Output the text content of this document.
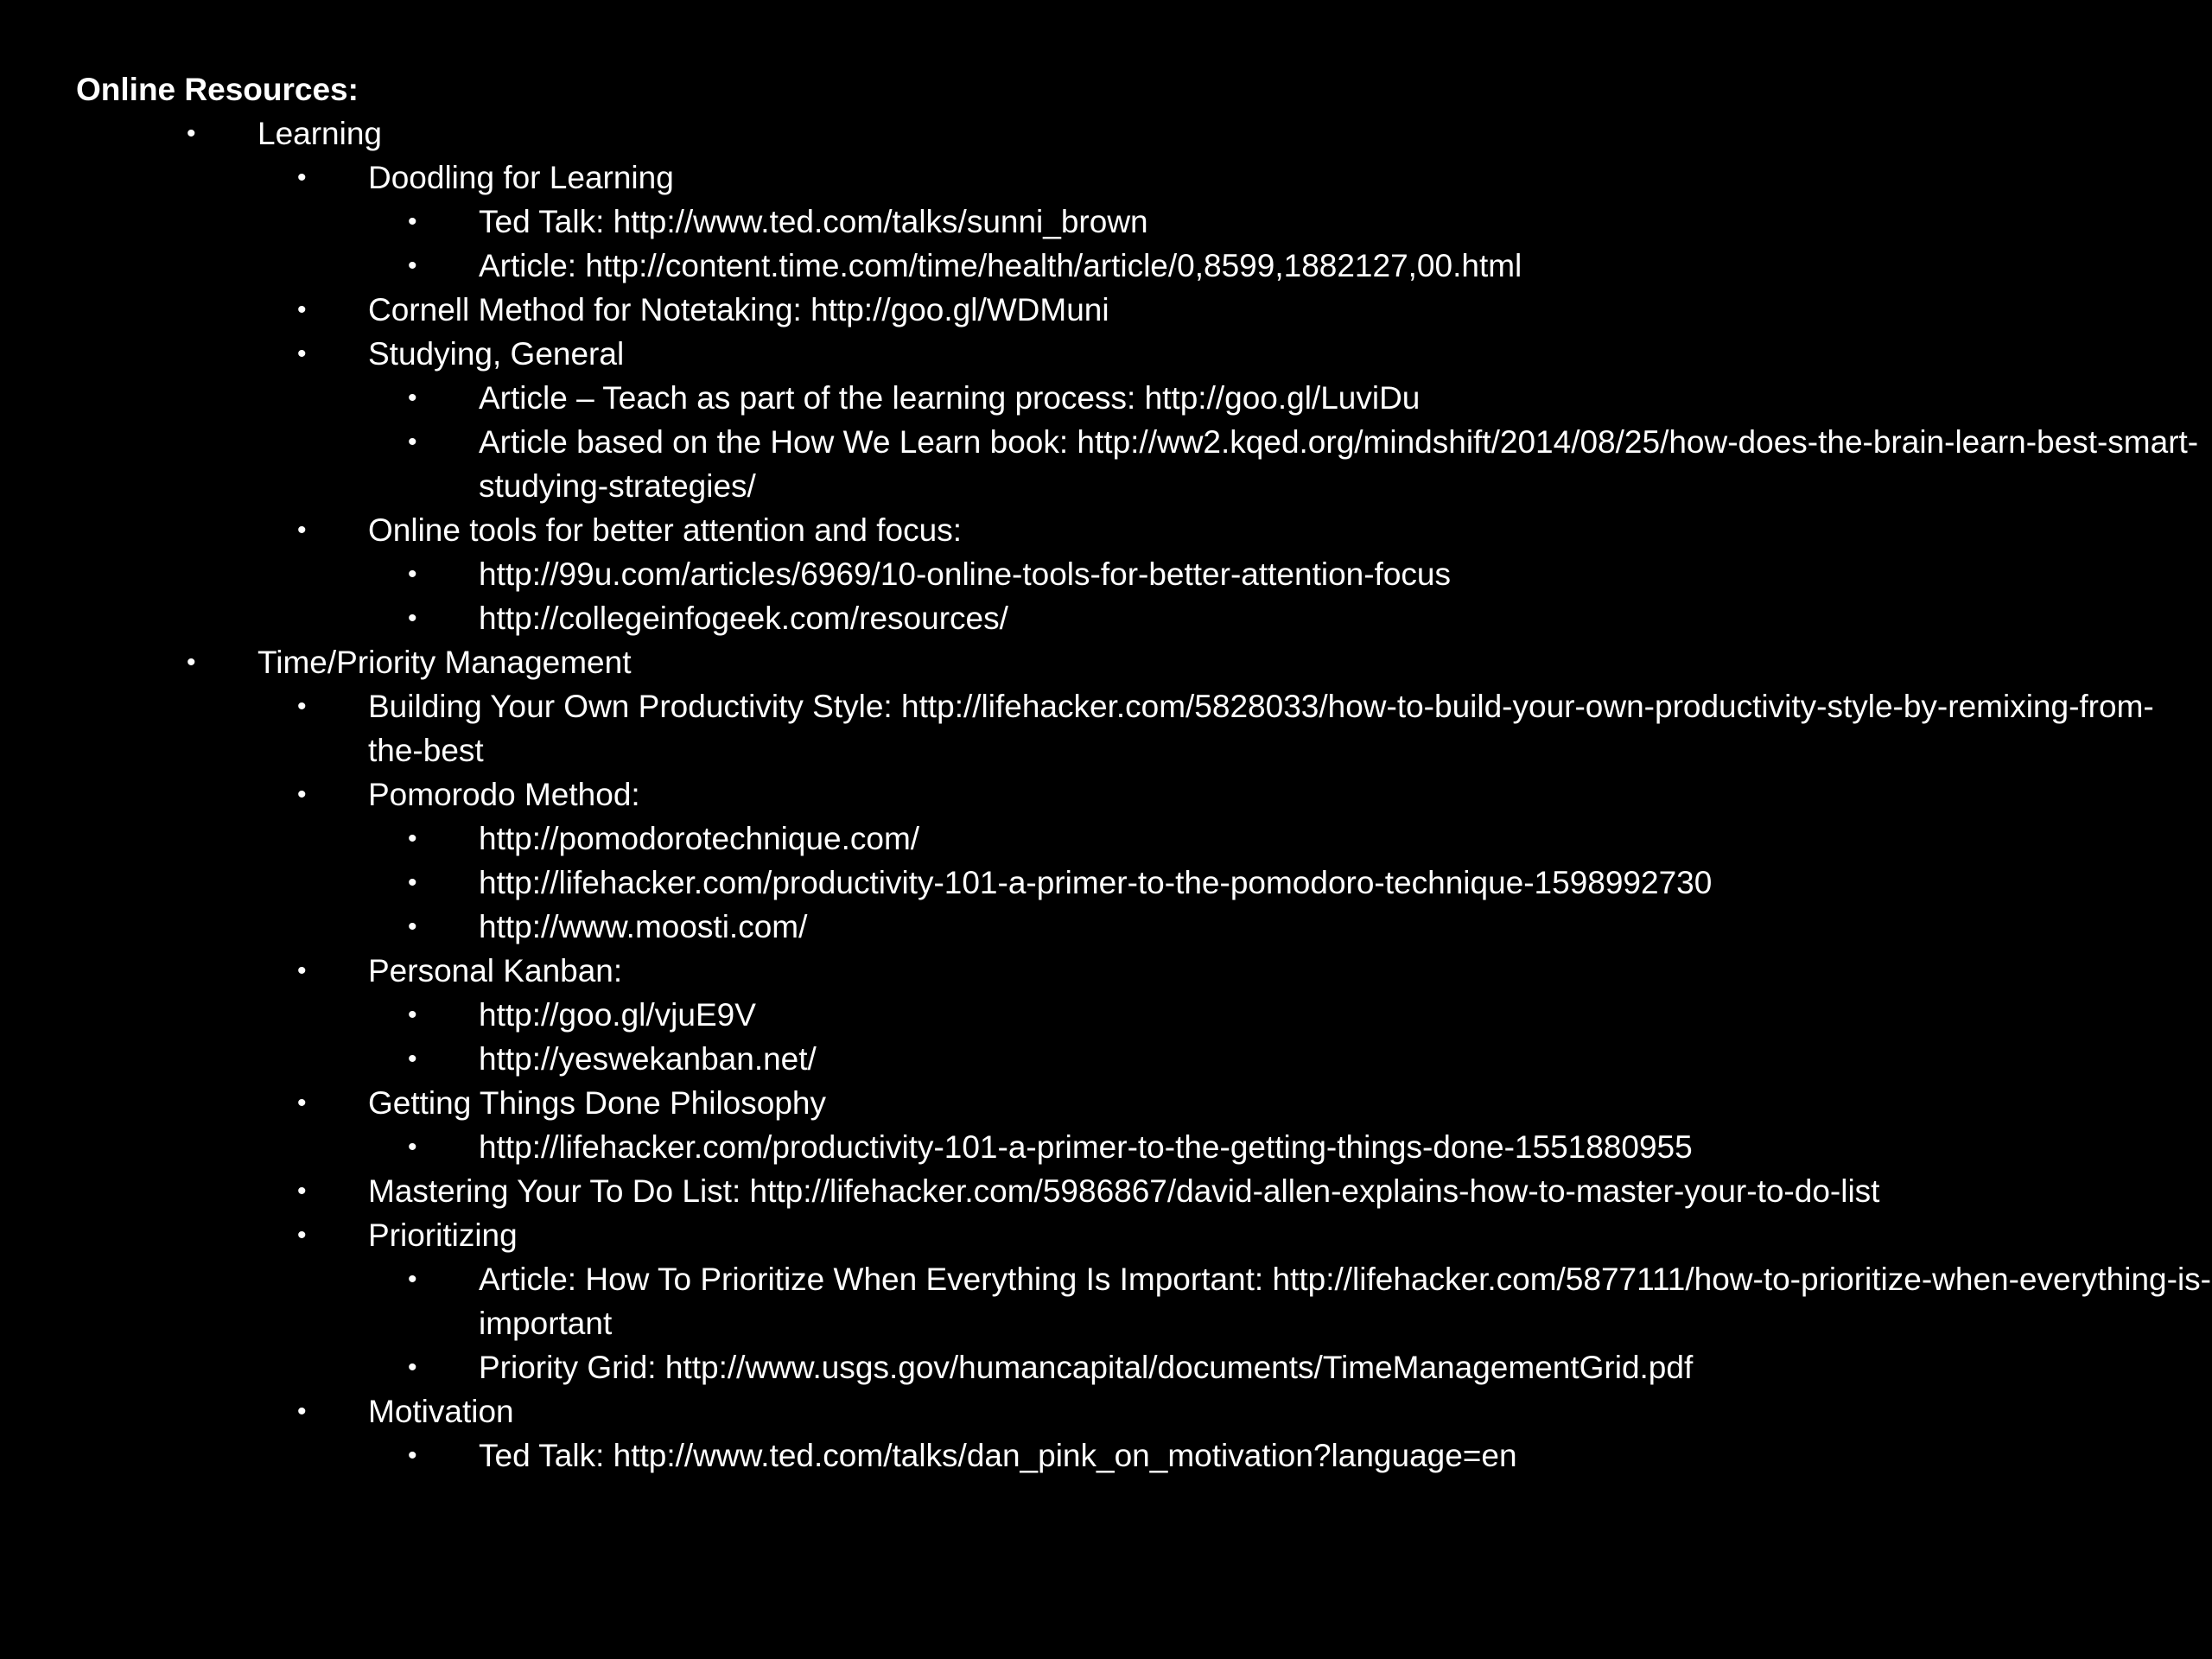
Online Resources:
• Learning
• Doodling for Learning
• Ted Talk: http://www.ted.com/talks/sunni_brown
• Article: http://content.time.com/time/health/article/0,8599,1882127,00.html
• Cornell Method for Notetaking: http://goo.gl/WDMuni
• Studying, General
• Article – Teach as part of the learning process: http://goo.gl/LuviDu
• Article based on the How We Learn book: http://ww2.kqed.org/mindshift/2014/08/25/how-does-the-brain-learn-best-smart-studying-strategies/
• Online tools for better attention and focus:
• http://99u.com/articles/6969/10-online-tools-for-better-attention-focus
• http://collegeinfogeek.com/resources/
• Time/Priority Management
• Building Your Own Productivity Style: http://lifehacker.com/5828033/how-to-build-your-own-productivity-style-by-remixing-from-the-best
• Pomorodo Method:
• http://pomodorotechnique.com/
• http://lifehacker.com/productivity-101-a-primer-to-the-pomodoro-technique-1598992730
• http://www.moosti.com/
• Personal Kanban:
• http://goo.gl/vjuE9V
• http://yeswekanban.net/
• Getting Things Done Philosophy
• http://lifehacker.com/productivity-101-a-primer-to-the-getting-things-done-1551880955
• Mastering Your To Do List: http://lifehacker.com/5986867/david-allen-explains-how-to-master-your-to-do-list
• Prioritizing
• Article: How To Prioritize When Everything Is Important: http://lifehacker.com/5877111/how-to-prioritize-when-everything-is-important
• Priority Grid: http://www.usgs.gov/humancapital/documents/TimeManagementGrid.pdf
• Motivation
• Ted Talk: http://www.ted.com/talks/dan_pink_on_motivation?language=en
